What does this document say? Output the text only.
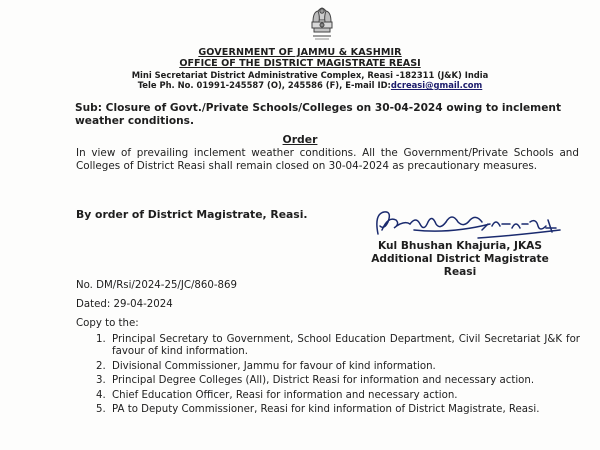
GOVERNMENT OF JAMMU & KASHMIR
OFFICE OF THE DISTRICT MAGISTRATE REASI
Mini Secretariat District Administrative Complex, Reasi -182311 (J&K) India
Tele Ph. No. 01991-245587 (O), 245586 (F), E-mail ID:dcreasi@gmail.com
Sub: Closure of Govt./Private Schools/Colleges on 30-04-2024 owing to inclement weather conditions.
Order
In view of prevailing inclement weather conditions. All the Government/Private Schools and Colleges of District Reasi shall remain closed on 30-04-2024 as precautionary measures.
By order of District Magistrate, Reasi.
Kul Bhushan Khajuria, JKAS
Additional District Magistrate
Reasi
No. DM/Rsi/2024-25/JC/860-869
Dated: 29-04-2024
Copy to the:
1. Principal Secretary to Government, School Education Department, Civil Secretariat J&K for favour of kind information.
2. Divisional Commissioner, Jammu for favour of kind information.
3. Principal Degree Colleges (All), District Reasi for information and necessary action.
4. Chief Education Officer, Reasi for information and necessary action.
5. PA to Deputy Commissioner, Reasi for kind information of District Magistrate, Reasi.
